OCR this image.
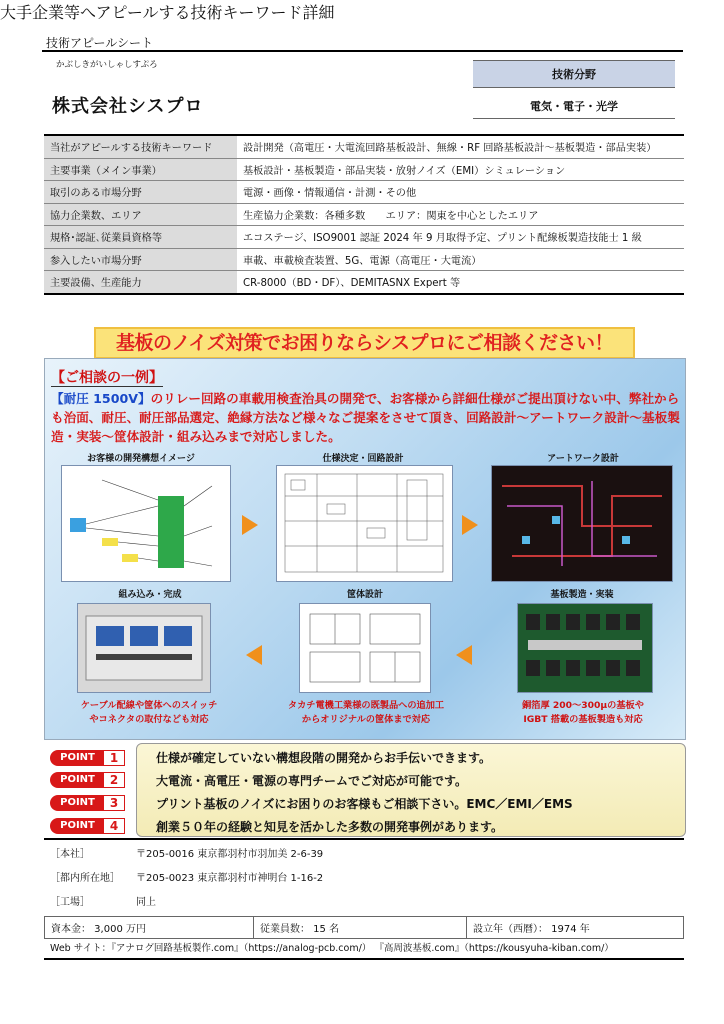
技術アピールシート
かぶしきがいしゃしすぷろ
株式会社シスプロ
技術分野
電気・電子・光学
当社がアピールする技術キーワード	設計開発（高電圧・大電流回路基板設計、無線・RF 回路基板設計～基板製造・部品実装）
主要事業（メイン事業）	基板設計・基板製造・部品実装・放射ノイズ（EMI）シミュレーション
取引のある市場分野	電源・画像・情報通信・計測・その他
協力企業数、エリア	生産協力企業数：各種多数　　エリア：関東を中心としたエリア
規格･認証､従業員資格等	エコステージ、ISO9001 認証 2024 年 9 月取得予定、プリント配線板製造技能士 1 級
参入したい市場分野	車載、車載検査装置、5G、電源（高電圧・大電流）
主要設備、生産能力	CR-8000（BD・DF）、DEMITASNX Expert 等
大手企業等へアピールする技術キーワード詳細
基板のノイズ対策でお困りならシスプロにご相談ください！
【ご相談の一例】
【耐圧 1500V】のリレー回路の車載用検査治具の開発で、お客様から詳細仕様がご提出頂けない中、弊社からも治面、耐圧、耐圧部品選定、絶縁方法など様々なご提案をさせて頂き、回路設計～アートワーク設計～基板製造・実装～筐体設計・組み込みまで対応しました。
お客様の開発構想イメージ	仕様決定・回路設計	アートワーク設計
組み込み・完成	筐体設計	基板製造・実装
ケーブル配線や筐体へのスイッチ
やコネクタの取付なども対応
タカチ電機工業様の既製品への追加工
からオリジナルの筐体まで対応
銅箔厚 200～300μの基板や
IGBT 搭載の基板製造も対応
POINT	1	仕様が確定していない構想段階の開発からお手伝いできます。
POINT	2	大電流・高電圧・電源の専門チームでご対応が可能です。
POINT	3	プリント基板のノイズにお困りのお客様もご相談下さい。EMC／EMI／EMS
POINT	4	創業５０年の経験と知見を活かした多数の開発事例があります。
［本社］	〒205-0016 東京都羽村市羽加美 2-6-39
［都内所在地］	〒205-0023 東京都羽村市神明台 1-16-2
［工場］	同上
資本金： 3,000 万円	従業員数： 15 名	設立年（西暦）： 1974 年
Web サイト：『アナログ回路基板製作.com』（https://analog-pcb.com/） 『高周波基板.com』（https://kousyuha-kiban.com/）
